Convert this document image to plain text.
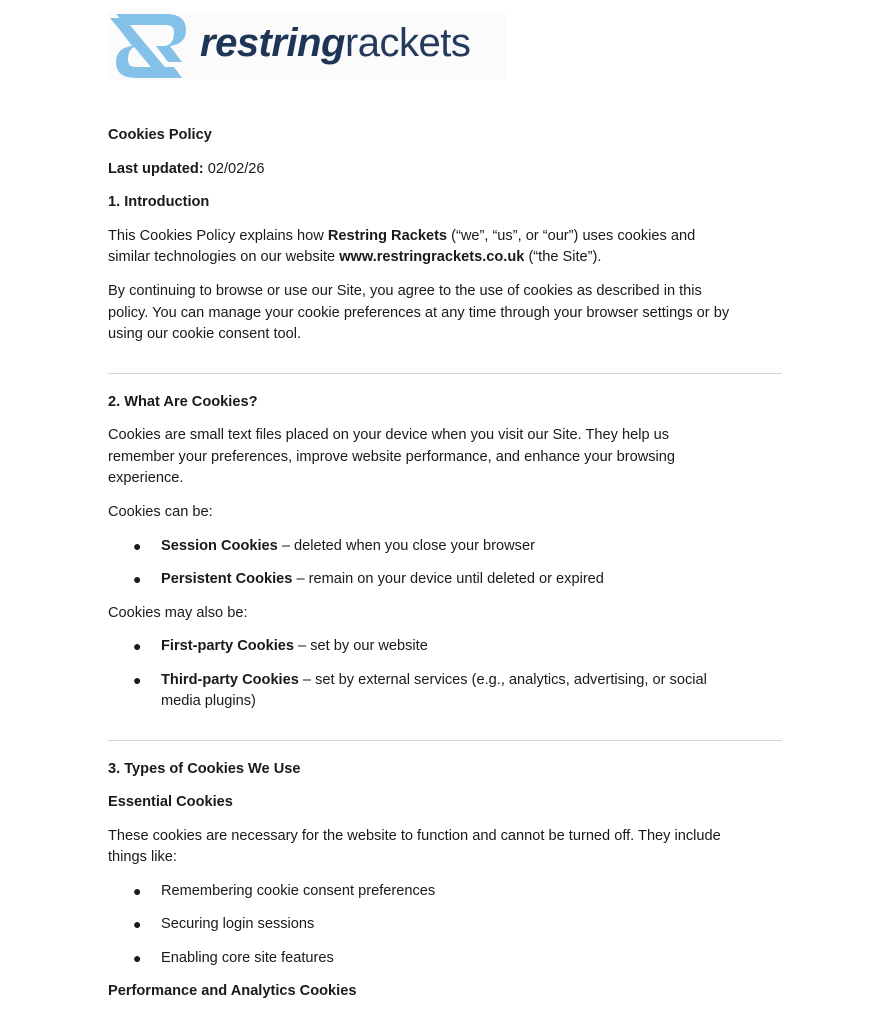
restringrackets
Cookies Policy
Last updated: 02/02/26
1. Introduction
This Cookies Policy explains how Restring Rackets (“we”, “us”, or “our”) uses cookies and
similar technologies on our website www.restringrackets.co.uk (“the Site”).
By continuing to browse or use our Site, you agree to the use of cookies as described in this
policy. You can manage your cookie preferences at any time through your browser settings or by
using our cookie consent tool.
2. What Are Cookies?
Cookies are small text files placed on your device when you visit our Site. They help us
remember your preferences, improve website performance, and enhance your browsing
experience.
Cookies can be:
● Session Cookies – deleted when you close your browser
● Persistent Cookies – remain on your device until deleted or expired
Cookies may also be:
● First-party Cookies – set by our website
● Third-party Cookies – set by external services (e.g., analytics, advertising, or social
media plugins)
3. Types of Cookies We Use
Essential Cookies
These cookies are necessary for the website to function and cannot be turned off. They include
things like:
● Remembering cookie consent preferences
● Securing login sessions
● Enabling core site features
Performance and Analytics Cookies
